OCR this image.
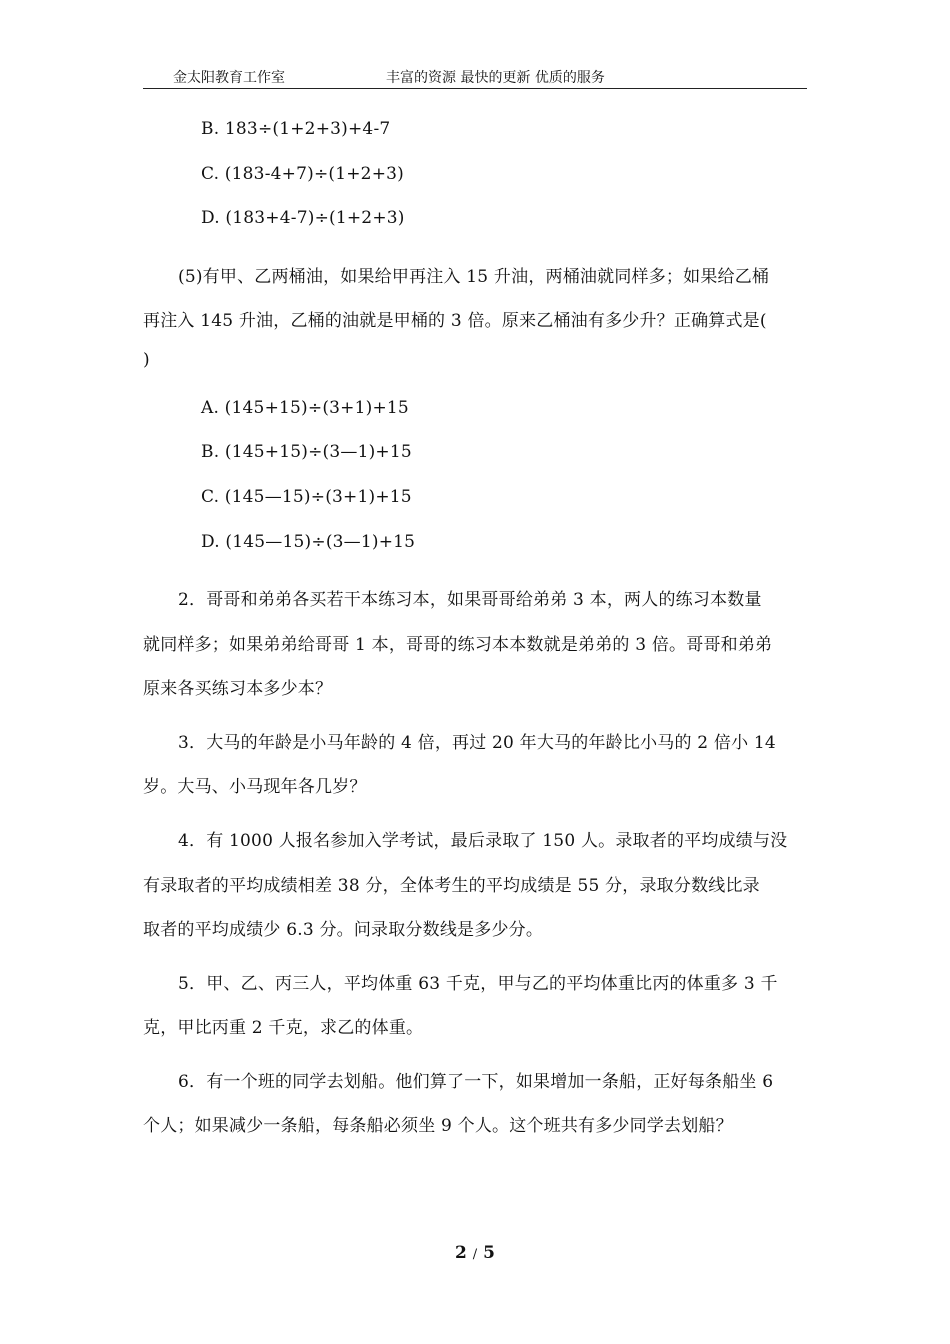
金太阳教育工作室	丰富的资源 最快的更新 优质的服务
B. 183÷(1+2+3)+4-7
C. (183-4+7)÷(1+2+3)
D. (183+4-7)÷(1+2+3)
(5)有甲、乙两桶油，如果给甲再注入 15 升油，两桶油就同样多；如果给乙桶
再注入 145 升油，乙桶的油就是甲桶的 3 倍。原来乙桶油有多少升？正确算式是(
)
A. (145+15)÷(3+1)+15
B. (145+15)÷(3—1)+15
C. (145—15)÷(3+1)+15
D. (145—15)÷(3—1)+15
2．哥哥和弟弟各买若干本练习本，如果哥哥给弟弟 3 本，两人的练习本数量
就同样多；如果弟弟给哥哥 1 本，哥哥的练习本本数就是弟弟的 3 倍。哥哥和弟弟
原来各买练习本多少本？
3．大马的年龄是小马年龄的 4 倍，再过 20 年大马的年龄比小马的 2 倍小 14
岁。大马、小马现年各几岁？
4．有 1000 人报名参加入学考试，最后录取了 150 人。录取者的平均成绩与没
有录取者的平均成绩相差 38 分，全体考生的平均成绩是 55 分，录取分数线比录
取者的平均成绩少 6.3 分。问录取分数线是多少分。
5．甲、乙、丙三人，平均体重 63 千克，甲与乙的平均体重比丙的体重多 3 千
克，甲比丙重 2 千克，求乙的体重。
6．有一个班的同学去划船。他们算了一下，如果增加一条船，正好每条船坐 6
个人；如果减少一条船，每条船必须坐 9 个人。这个班共有多少同学去划船？
2 / 5
